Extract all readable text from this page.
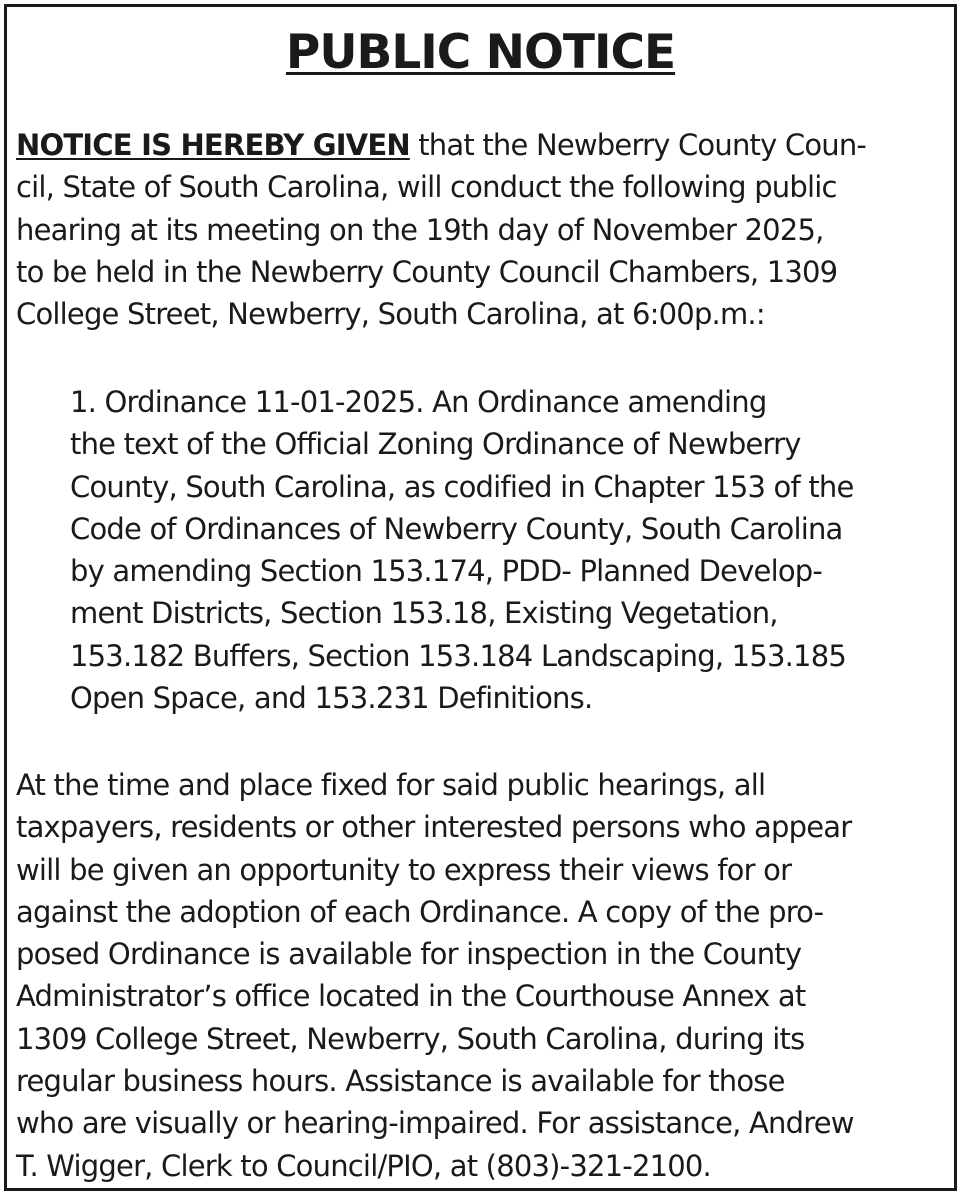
PUBLIC NOTICE

NOTICE IS HEREBY GIVEN that the Newberry County Coun-
cil, State of South Carolina, will conduct the following public
hearing at its meeting on the 19th day of November 2025,
to be held in the Newberry County Council Chambers, 1309
College Street, Newberry, South Carolina, at 6:00p.m.:

1. Ordinance 11-01-2025. An Ordinance amending
the text of the Official Zoning Ordinance of Newberry
County, South Carolina, as codified in Chapter 153 of the
Code of Ordinances of Newberry County, South Carolina
by amending Section 153.174, PDD- Planned Develop-
ment Districts, Section 153.18, Existing Vegetation,
153.182 Buffers, Section 153.184 Landscaping, 153.185
Open Space, and 153.231 Definitions.

At the time and place fixed for said public hearings, all
taxpayers, residents or other interested persons who appear
will be given an opportunity to express their views for or
against the adoption of each Ordinance. A copy of the pro-
posed Ordinance is available for inspection in the County
Administrator’s office located in the Courthouse Annex at
1309 College Street, Newberry, South Carolina, during its
regular business hours. Assistance is available for those
who are visually or hearing-impaired. For assistance, Andrew
T. Wigger, Clerk to Council/PIO, at (803)-321-2100.
